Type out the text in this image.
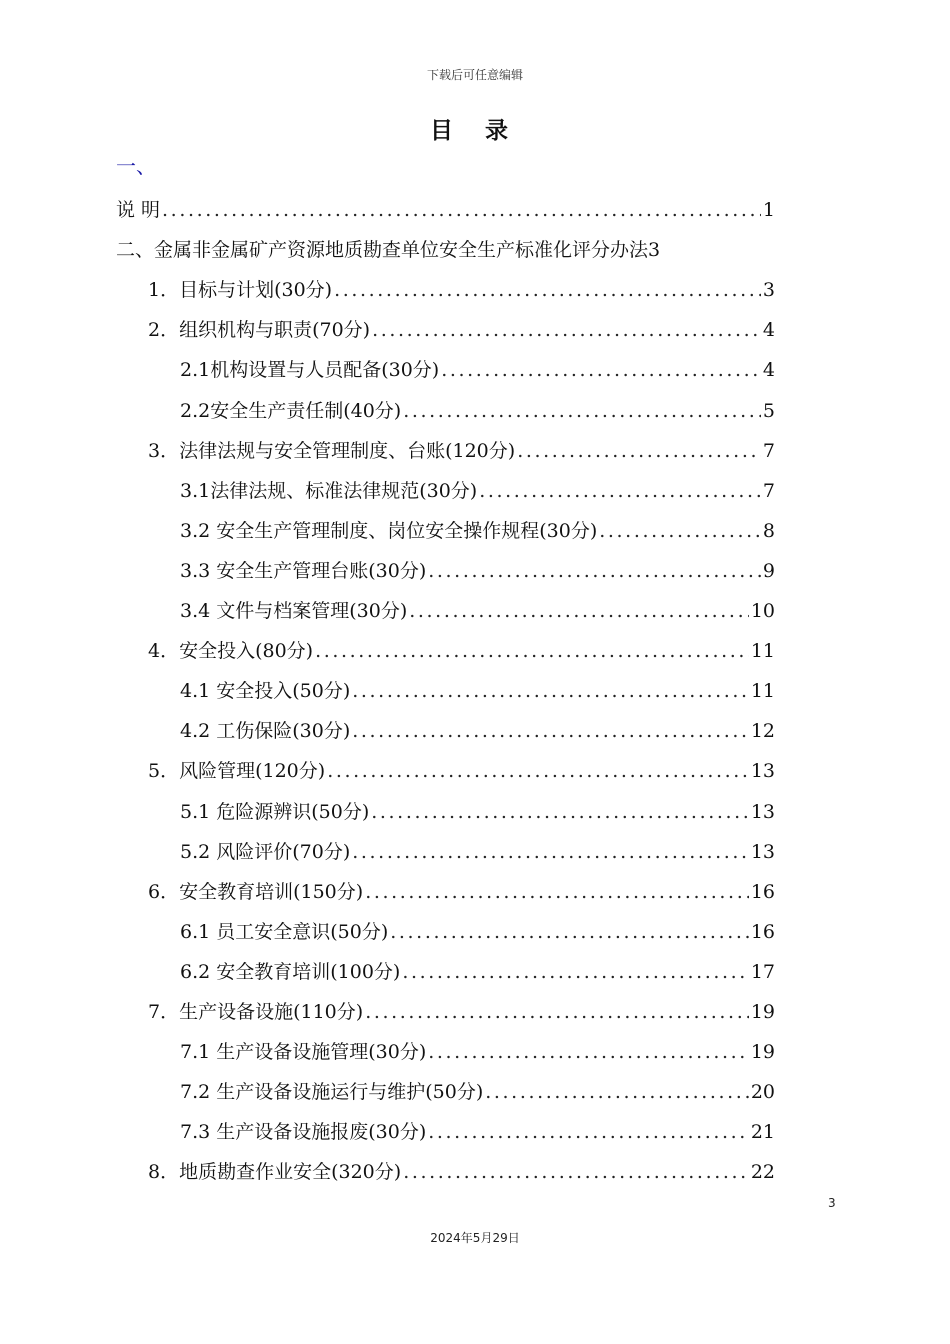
下载后可任意编辑
目 录
一、
说 明 .....	1
二、金属非金属矿产资源地质勘查单位安全生产标准化评分办法 3
1．目标与计划(30分) .....	3
2．组织机构与职责(70分) .....	4
2.1机构设置与人员配备(30分) .....	4
2.2安全生产责任制(40分) .....	5
3．法律法规与安全管理制度、台账(120分) .....	7
3.1法律法规、标准法律规范(30分) .....	7
3.2 安全生产管理制度、岗位安全操作规程(30分) .....	8
3.3 安全生产管理台账(30分) .....	9
3.4 文件与档案管理(30分) .....	10
4．安全投入(80分) .....	11
4.1 安全投入(50分) .....	11
4.2 工伤保险(30分) .....	12
5．风险管理(120分) .....	13
5.1 危险源辨识(50分) .....	13
5.2 风险评价(70分) .....	13
6．安全教育培训(150分) .....	16
6.1 员工安全意识(50分) .....	16
6.2 安全教育培训(100分) .....	17
7．生产设备设施(110分) .....	19
7.1 生产设备设施管理(30分) .....	19
7.2 生产设备设施运行与维护(50分) .....	20
7.3 生产设备设施报废(30分) .....	21
8．地质勘查作业安全(320分) .....	22
3
2024年5月29日
